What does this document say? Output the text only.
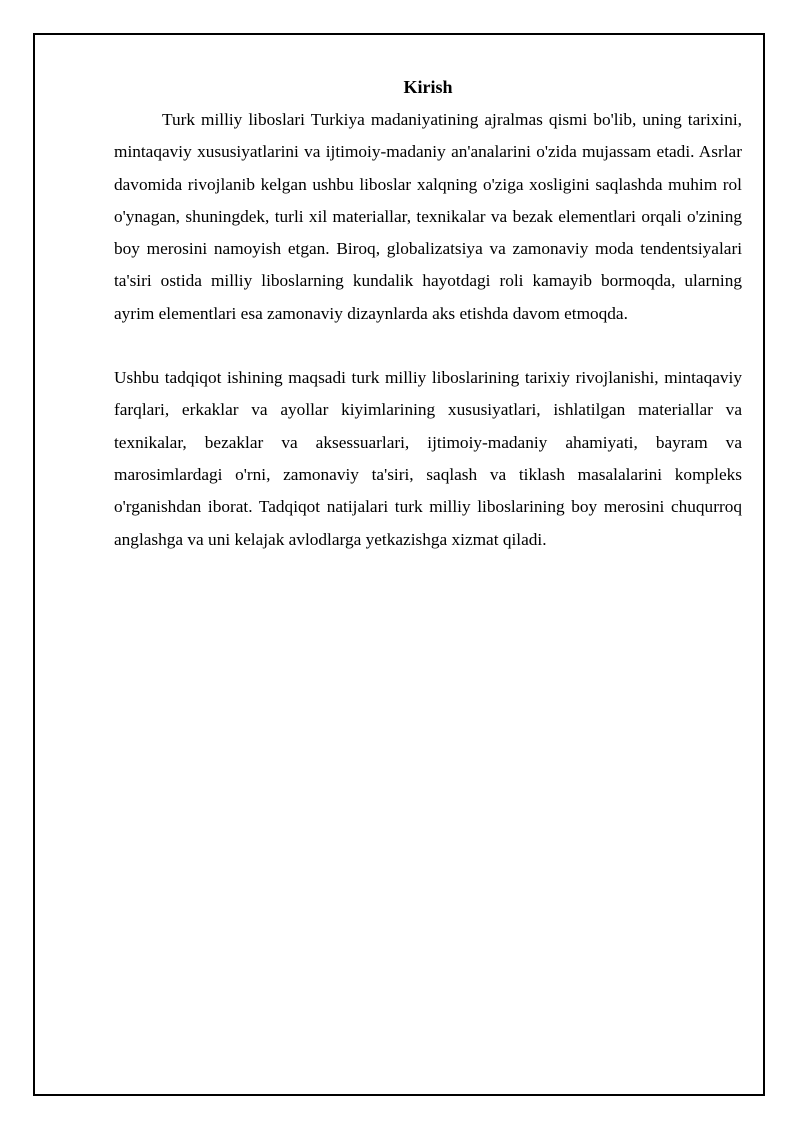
Kirish

Turk milliy liboslari Turkiya madaniyatining ajralmas qismi bo'lib, uning tarixini, mintaqaviy xususiyatlarini va ijtimoiy-madaniy an'analarini o'zida mujassam etadi. Asrlar davomida rivojlanib kelgan ushbu liboslar xalqning o'ziga xosligini saqlashda muhim rol o'ynagan, shuningdek, turli xil materiallar, texnikalar va bezak elementlari orqali o'zining boy merosini namoyish etgan. Biroq, globalizatsiya va zamonaviy moda tendentsiyalari ta'siri ostida milliy liboslarning kundalik hayotdagi roli kamayib bormoqda, ularning ayrim elementlari esa zamonaviy dizaynlarda aks etishda davom etmoqda.

Ushbu tadqiqot ishining maqsadi turk milliy liboslarining tarixiy rivojlanishi, mintaqaviy farqlari, erkaklar va ayollar kiyimlarining xususiyatlari, ishlatilgan materiallar va texnikalar, bezaklar va aksessuarlari, ijtimoiy-madaniy ahamiyati, bayram va marosimlardagi o'rni, zamonaviy ta'siri, saqlash va tiklash masalalarini kompleks o'rganishdan iborat. Tadqiqot natijalari turk milliy liboslarining boy merosini chuqurroq anglashga va uni kelajak avlodlarga yetkazishga xizmat qiladi.
